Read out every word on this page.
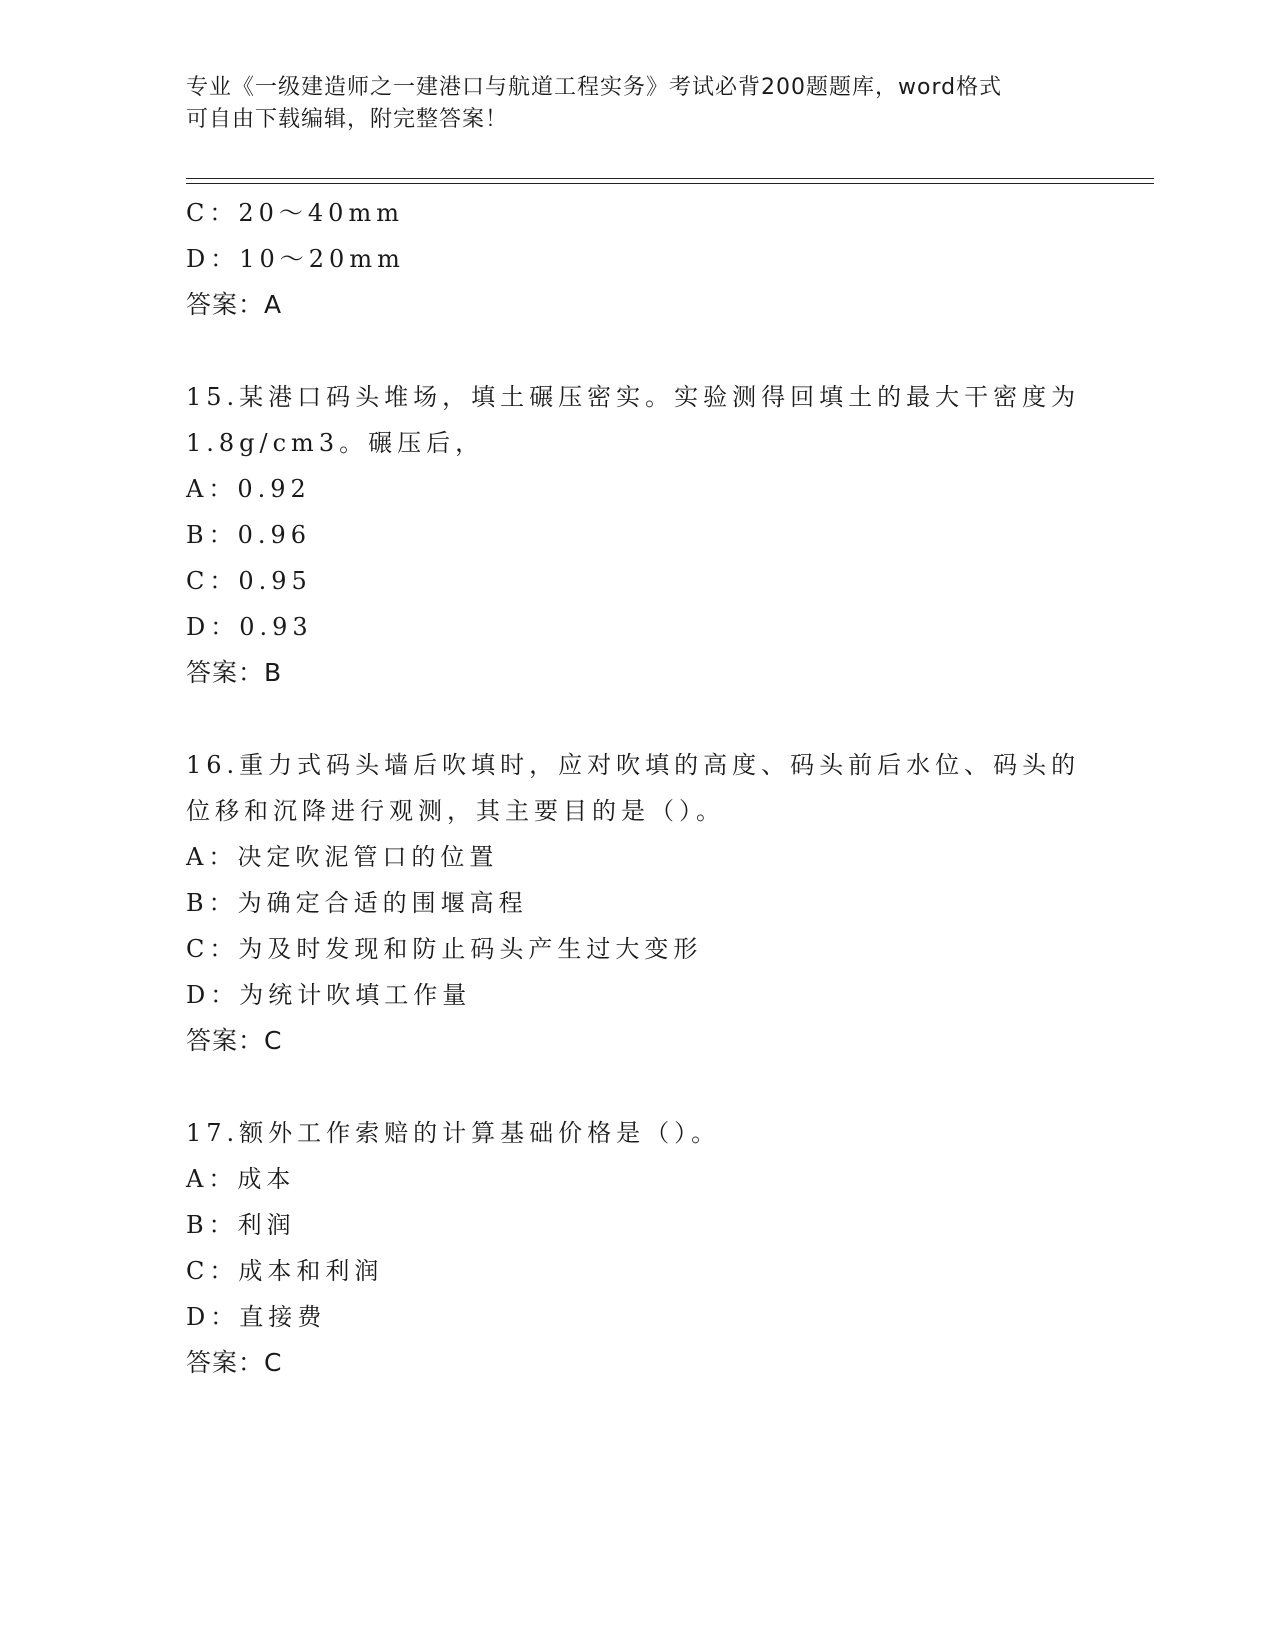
专业《一级建造师之一建港口与航道工程实务》考试必背200题题库，word格式
可自由下载编辑，附完整答案！
C：20～40mm
D：10～20mm
答案：A
15.某港口码头堆场，填土碾压密实。实验测得回填土的最大干密度为
1.8g/cm3。碾压后，
A：0.92
B：0.96
C：0.95
D：0.93
答案：B
16.重力式码头墙后吹填时，应对吹填的高度、码头前后水位、码头的
位移和沉降进行观测，其主要目的是（）。
A：决定吹泥管口的位置
B：为确定合适的围堰高程
C：为及时发现和防止码头产生过大变形
D：为统计吹填工作量
答案：C
17.额外工作索赔的计算基础价格是（）。
A：成本
B：利润
C：成本和利润
D：直接费
答案：C
